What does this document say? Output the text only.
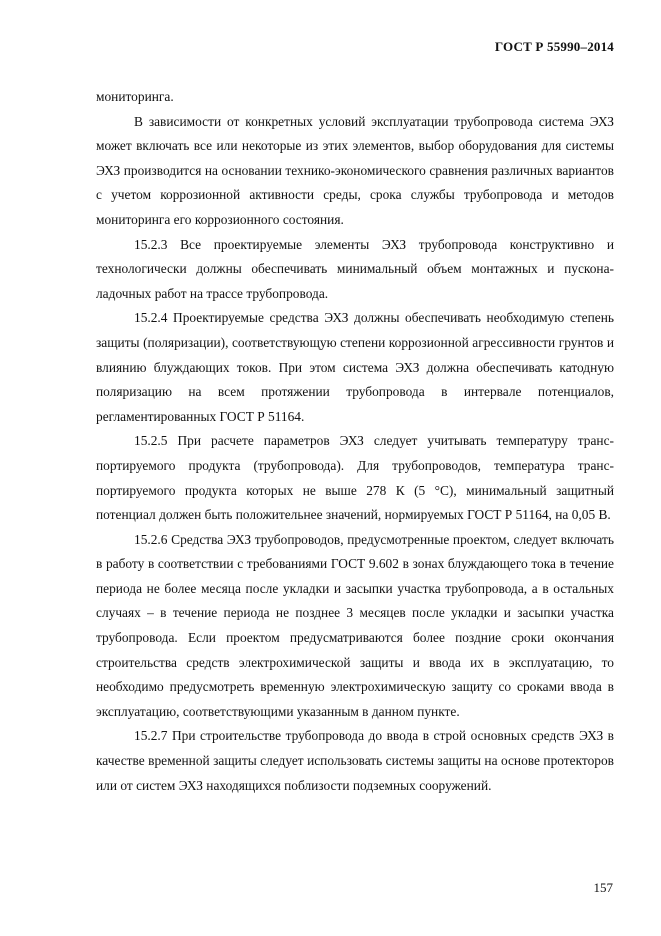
ГОСТ Р 55990–2014

мониторинга.

В зависимости от конкретных условий эксплуатации трубопровода система ЭХЗ может включать все или некоторые из этих элементов, выбор оборудования для системы ЭХЗ производится на основании технико-экономического сравнения различных вариантов с учетом коррозионной активности среды, срока службы трубопровода и методов мониторинга его коррозионного состояния.

15.2.3 Все проектируемые элементы ЭХЗ трубопровода конструктивно и технологически должны обеспечивать минимальный объем монтажных и пусконаладочных работ на трассе трубопровода.

15.2.4 Проектируемые средства ЭХЗ должны обеспечивать необходимую степень защиты (поляризации), соответствующую степени коррозионной агрессивности грунтов и влиянию блуждающих токов. При этом система ЭХЗ должна обеспечивать катодную поляризацию на всем протяжении трубопровода в интервале потенциалов, регламентированных ГОСТ Р 51164.

15.2.5 При расчете параметров ЭХЗ следует учитывать температуру транспортируемого продукта (трубопровода). Для трубопроводов, температура транспортируемого продукта которых не выше 278 К (5 °С), минимальный защитный потенциал должен быть положительнее значений, нормируемых ГОСТ Р 51164, на 0,05 В.

15.2.6 Средства ЭХЗ трубопроводов, предусмотренные проектом, следует включать в работу в соответствии с требованиями ГОСТ 9.602 в зонах блуждающего тока в течение периода не более месяца после укладки и засыпки участка трубопровода, а в остальных случаях – в течение периода не позднее 3 месяцев после укладки и засыпки участка трубопровода. Если проектом предусматриваются более поздние сроки окончания строительства средств электрохимической защиты и ввода их в эксплуатацию, то необходимо предусмотреть временную электрохимическую защиту со сроками ввода в эксплуатацию, соответствующими указанным в данном пункте.

15.2.7 При строительстве трубопровода до ввода в строй основных средств ЭХЗ в качестве временной защиты следует использовать системы защиты на основе протекторов или от систем ЭХЗ находящихся поблизости подземных сооружений.

157
